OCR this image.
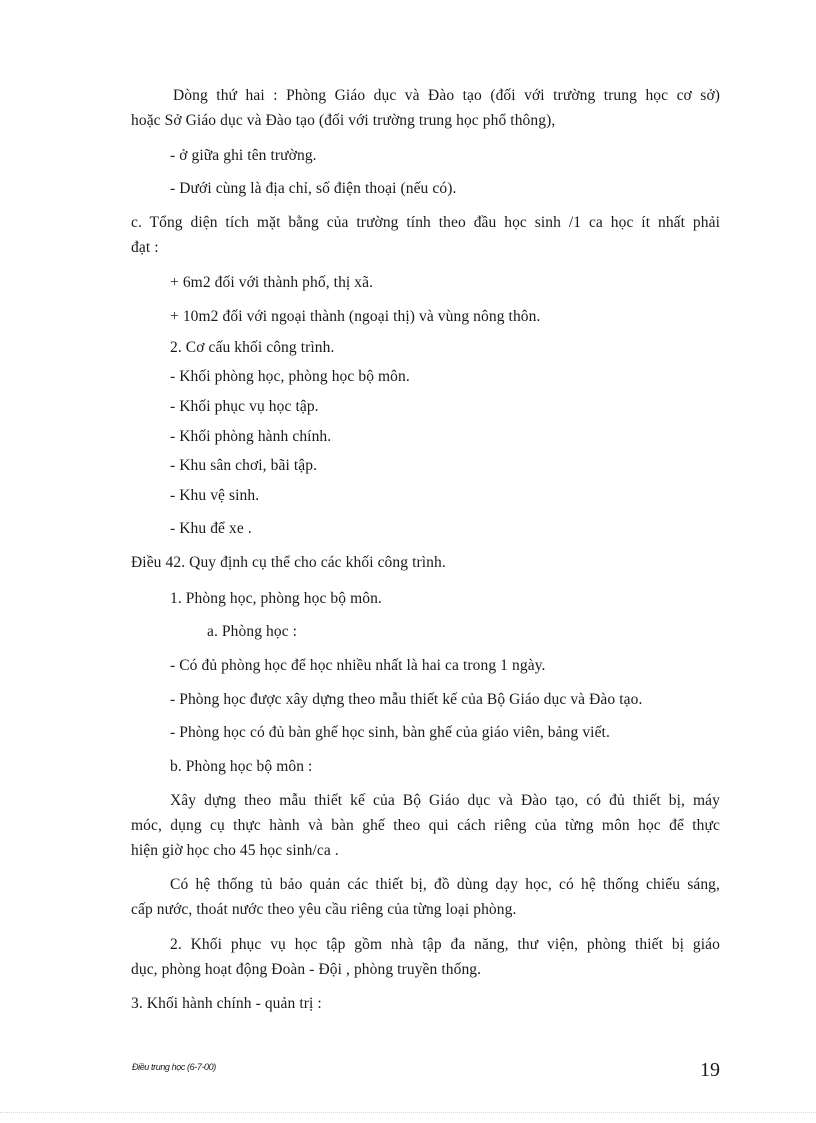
Dòng thứ hai : Phòng Giáo dục và Đào tạo (đối với trường trung học cơ sở)
hoặc Sở Giáo dục và Đào tạo (đối với trường trung học phổ thông),
- ở giữa ghi tên trường.
- Dưới cùng là địa chỉ, số điện thoại (nếu có).
c. Tổng diện tích mặt bằng của trường tính theo đầu học sinh /1 ca học ít nhất phải
đạt :
+ 6m2 đối với thành phố, thị xã.
+ 10m2 đối với ngoại thành (ngoại thị) và vùng nông thôn.
2. Cơ cấu khối công trình.
- Khối phòng học, phòng học bộ môn.
- Khối phục vụ học tập.
- Khối phòng hành chính.
- Khu sân chơi, bãi tập.
- Khu vệ sinh.
- Khu để xe .
Điều 42. Quy định cụ thể cho các khối công trình.
1. Phòng học, phòng học bộ môn.
a. Phòng học :
- Có đủ phòng học để học nhiều nhất là hai ca trong 1 ngày.
- Phòng học được xây dựng theo mẫu thiết kế của Bộ Giáo dục và Đào tạo.
- Phòng học có đủ bàn ghế học sinh, bàn ghế của giáo viên, bảng viết.
b. Phòng học bộ môn :
Xây dựng theo mẫu thiết kế của Bộ Giáo dục và Đào tạo, có đủ thiết bị, máy
móc, dụng cụ thực hành và bàn ghế theo qui cách riêng của từng môn học để thực
hiện giờ học cho 45 học sinh/ca .
Có hệ thống tủ bảo quản các thiết bị, đồ dùng dạy học, có hệ thống chiếu sáng,
cấp nước, thoát nước theo yêu cầu riêng của từng loại phòng.
2. Khối phục vụ học tập gồm nhà tập đa năng, thư viện, phòng thiết bị giáo
dục, phòng hoạt động Đoàn - Đội , phòng truyền thống.
3. Khối hành chính - quản trị :
Điều trung học (6-7-00)	19
